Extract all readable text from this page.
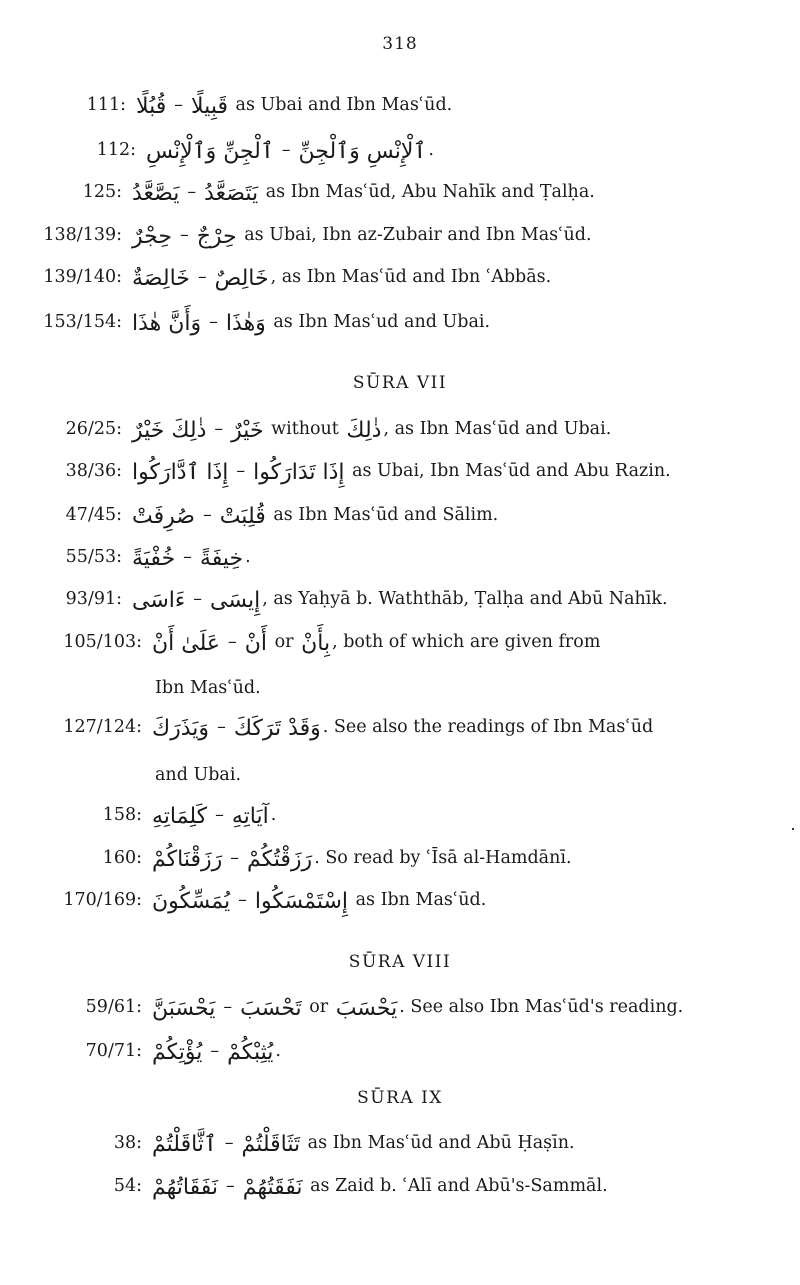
318
111: قُبُلًا – قَبِيلًا as Ubai and Ibn Masʿūd.
112: ٱلْجِنِّ وَٱلْإِنْسِ – ٱلْإِنْسِ وَٱلْجِنِّ .
125: يَصَّعَّدُ – يَتَصَعَّدُ as Ibn Masʿūd, Abu Nahīk and Ṭalḥa.
138/139: حِجْرٌ – حِرْجٌ as Ubai, Ibn az-Zubair and Ibn Masʿūd.
139/140: خَالِصَةٌ – خَالِصٌ , as Ibn Masʿūd and Ibn ʿAbbās.
153/154: وَأَنَّ هٰذَا – وَهٰذَا as Ibn Masʿud and Ubai.
SŪRA VII
26/25: ذٰلِكَ خَيْرٌ – خَيْرٌ without ذٰلِكَ , as Ibn Masʿūd and Ubai.
38/36: إِذَا ٱدَّارَكُوا – إِذَا تَدَارَكُوا as Ubai, Ibn Masʿūd and Abu Razin.
47/45: صُرِفَتْ – قُلِبَتْ as Ibn Masʿūd and Sālim.
55/53: خُفْيَةً – خِيفَةً .
93/91: ءَاسَى – إِيسَى , as Yaḥyā b. Waththāb, Ṭalḥa and Abū Nahīk.
105/103: عَلَىٰ أَنْ – أَنْ or بِأَنْ , both of which are given from
Ibn Masʿūd.
127/124: وَيَذَرَكَ – وَقَدْ تَرَكَكَ . See also the readings of Ibn Masʿūd
and Ubai.
158: كَلِمَاتِهِ – آيَاتِهِ .
160: رَزَقْنَاكُمْ – رَزَقْتُكُمْ . So read by ʿĪsā al-Hamdānī.
170/169: يُمَسِّكُونَ – إِسْتَمْسَكُوا as Ibn Masʿūd.
SŪRA VIII
59/61: يَحْسَبَنَّ – تَحْسَبَ or يَحْسَبَ . See also Ibn Masʿūd's reading.
70/71: يُؤْتِكُمْ – يُثِبْكُمْ .
SŪRA IX
38: ٱثَّاقَلْتُمْ – تَثَاقَلْتُمْ as Ibn Masʿūd and Abū Ḥaṣīn.
54: نَفَقَاتُهُمْ – نَفَقَتُهُمْ as Zaid b. ʿAlī and Abū's-Sammāl.
